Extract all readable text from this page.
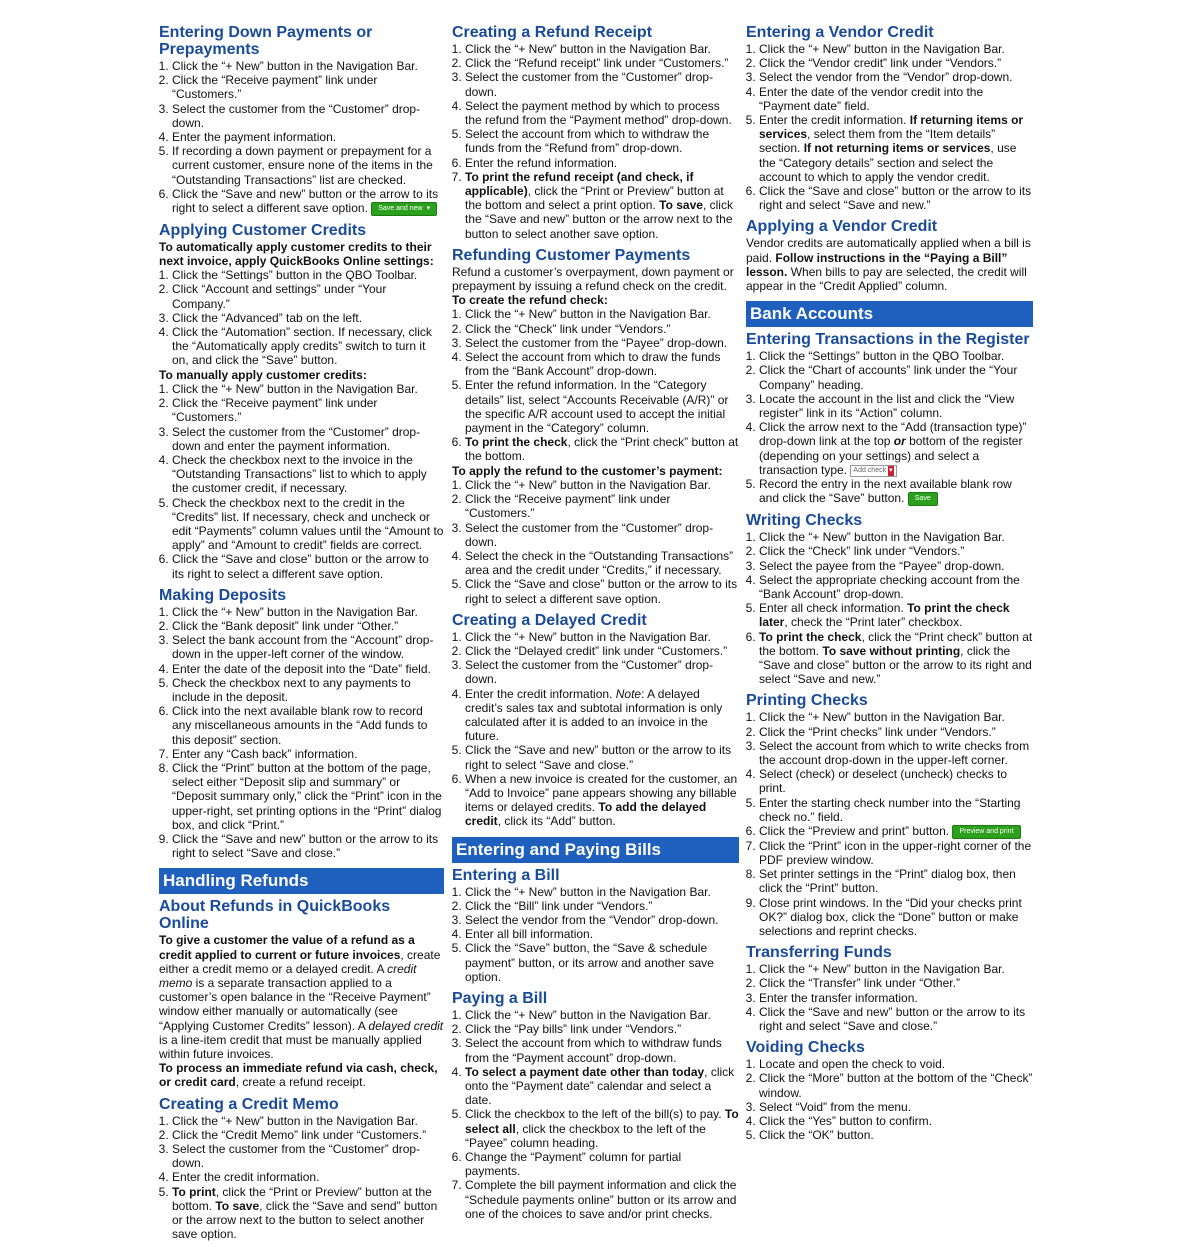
Entering Down Payments or Prepayments
1. Click the “+ New” button in the Navigation Bar.
2. Click the “Receive payment” link under “Customers.”
3. Select the customer from the “Customer” drop-down.
4. Enter the payment information.
5. If recording a down payment or prepayment for a current customer, ensure none of the items in the “Outstanding Transactions” list are checked.
6. Click the “Save and new” button or the arrow to its right to select a different save option. Save and new ▾
Applying Customer Credits

To automatically apply customer credits to their next invoice, apply QuickBooks Online settings:

1. Click the “Settings” button in the QBO Toolbar.
2. Click “Account and settings” under “Your Company.”
3. Click the “Advanced” tab on the left.
4. Click the “Automation” section. If necessary, click the “Automatically apply credits” switch to turn it on, and click the “Save” button.

To manually apply customer credits:

1. Click the “+ New” button in the Navigation Bar.
2. Click the “Receive payment” link under “Customers.”
3. Select the customer from the “Customer” drop-down and enter the payment information.
4. Check the checkbox next to the invoice in the “Outstanding Transactions” list to which to apply the customer credit, if necessary.
5. Check the checkbox next to the credit in the “Credits” list. If necessary, check and uncheck or edit “Payments” column values until the “Amount to apply” and “Amount to credit” fields are correct.
6. Click the “Save and close” button or the arrow to its right to select a different save option.
Making Deposits
1. Click the “+ New” button in the Navigation Bar.
2. Click the “Bank deposit” link under “Other.”
3. Select the bank account from the “Account” drop-down in the upper-left corner of the window.
4. Enter the date of the deposit into the “Date” field.
5. Check the checkbox next to any payments to include in the deposit.
6. Click into the next available blank row to record any miscellaneous amounts in the “Add funds to this deposit” section.
7. Enter any “Cash back” information.
8. Click the “Print” button at the bottom of the page, select either “Deposit slip and summary” or “Deposit summary only,” click the “Print” icon in the upper-right, set printing options in the “Print” dialog box, and click “Print.”
9. Click the “Save and new” button or the arrow to its right to select “Save and close.”
Handling Refunds
About Refunds in QuickBooks Online

To give a customer the value of a refund as a credit applied to current or future invoices, create either a credit memo or a delayed credit. A credit memo is a separate transaction applied to a customer’s open balance in the “Receive Payment” window either manually or automatically (see “Applying Customer Credits” lesson). A delayed credit is a line-item credit that must be manually applied within future invoices.

To process an immediate refund via cash, check, or credit card, create a refund receipt.

Creating a Credit Memo
1. Click the “+ New” button in the Navigation Bar.
2. Click the “Credit Memo” link under “Customers.”
3. Select the customer from the “Customer” drop-down.
4. Enter the credit information.
5. To print, click the “Print or Preview” button at the bottom. To save, click the “Save and send” button or the arrow next to the button to select another save option.
Creating a Refund Receipt
1. Click the “+ New” button in the Navigation Bar.
2. Click the “Refund receipt” link under “Customers.”
3. Select the customer from the “Customer” drop-down.
4. Select the payment method by which to process the refund from the “Payment method” drop-down.
5. Select the account from which to withdraw the funds from the “Refund from” drop-down.
6. Enter the refund information.
7. To print the refund receipt (and check, if applicable), click the “Print or Preview” button at the bottom and select a print option. To save, click the “Save and new” button or the arrow next to the button to select another save option.
Refunding Customer Payments

Refund a customer’s overpayment, down payment or prepayment by issuing a refund check on the credit.

To create the refund check:

1. Click the “+ New” button in the Navigation Bar.
2. Click the “Check” link under “Vendors.”
3. Select the customer from the “Payee” drop-down.
4. Select the account from which to draw the funds from the “Bank Account” drop-down.
5. Enter the refund information. In the “Category details” list, select “Accounts Receivable (A/R)” or the specific A/R account used to accept the initial payment in the “Category” column.
6. To print the check, click the “Print check” button at the bottom.

To apply the refund to the customer’s payment:

1. Click the “+ New” button in the Navigation Bar.
2. Click the “Receive payment” link under “Customers.”
3. Select the customer from the “Customer” drop-down.
4. Select the check in the “Outstanding Transactions” area and the credit under “Credits,” if necessary.
5. Click the “Save and close” button or the arrow to its right to select a different save option.
Creating a Delayed Credit
1. Click the “+ New” button in the Navigation Bar.
2. Click the “Delayed credit” link under “Customers.”
3. Select the customer from the “Customer” drop-down.
4. Enter the credit information. Note: A delayed credit’s sales tax and subtotal information is only calculated after it is added to an invoice in the future.
5. Click the “Save and new” button or the arrow to its right to select “Save and close.”
6. When a new invoice is created for the customer, an “Add to Invoice” pane appears showing any billable items or delayed credits. To add the delayed credit, click its “Add” button.
Entering and Paying Bills
Entering a Bill
1. Click the “+ New” button in the Navigation Bar.
2. Click the “Bill” link under “Vendors.”
3. Select the vendor from the “Vendor” drop-down.
4. Enter all bill information.
5. Click the “Save” button, the “Save & schedule payment” button, or its arrow and another save option.
Paying a Bill
1. Click the “+ New” button in the Navigation Bar.
2. Click the “Pay bills” link under “Vendors.”
3. Select the account from which to withdraw funds from the “Payment account” drop-down.
4. To select a payment date other than today, click onto the “Payment date” calendar and select a date.
5. Click the checkbox to the left of the bill(s) to pay. To select all, click the checkbox to the left of the “Payee” column heading.
6. Change the “Payment” column for partial payments.
7. Complete the bill payment information and click the “Schedule payments online” button or its arrow and one of the choices to save and/or print checks.
Entering a Vendor Credit
1. Click the “+ New” button in the Navigation Bar.
2. Click the “Vendor credit” link under “Vendors.”
3. Select the vendor from the “Vendor” drop-down.
4. Enter the date of the vendor credit into the “Payment date” field.
5. Enter the credit information. If returning items or services, select them from the “Item details” section. If not returning items or services, use the “Category details” section and select the account to which to apply the vendor credit.
6. Click the “Save and close” button or the arrow to its right and select “Save and new.”
Applying a Vendor Credit

Vendor credits are automatically applied when a bill is paid. Follow instructions in the “Paying a Bill” lesson. When bills to pay are selected, the credit will appear in the “Credit Applied” column.

Bank Accounts
Entering Transactions in the Register
1. Click the “Settings” button in the QBO Toolbar.
2. Click the “Chart of accounts” link under the “Your Company” heading.
3. Locate the account in the list and click the “View register” link in its “Action” column.
4. Click the arrow next to the “Add (transaction type)” drop-down link at the top or bottom of the register (depending on your settings) and select a transaction type. Add check ▾
5. Record the entry in the next available blank row and click the “Save” button. Save
Writing Checks
1. Click the “+ New” button in the Navigation Bar.
2. Click the “Check” link under “Vendors.”
3. Select the payee from the “Payee” drop-down.
4. Select the appropriate checking account from the “Bank Account” drop-down.
5. Enter all check information. To print the check later, check the “Print later” checkbox.
6. To print the check, click the “Print check” button at the bottom. To save without printing, click the “Save and close” button or the arrow to its right and select “Save and new.”
Printing Checks
1. Click the “+ New” button in the Navigation Bar.
2. Click the “Print checks” link under “Vendors.”
3. Select the account from which to write checks from the account drop-down in the upper-left corner.
4. Select (check) or deselect (uncheck) checks to print.
5. Enter the starting check number into the “Starting check no.” field.
6. Click the “Preview and print” button. Preview and print
7. Click the “Print” icon in the upper-right corner of the PDF preview window.
8. Set printer settings in the “Print” dialog box, then click the “Print” button.
9. Close print windows. In the “Did your checks print OK?” dialog box, click the “Done” button or make selections and reprint checks.
Transferring Funds
1. Click the “+ New” button in the Navigation Bar.
2. Click the “Transfer” link under “Other.”
3. Enter the transfer information.
4. Click the “Save and new” button or the arrow to its right and select “Save and close.”
Voiding Checks
1. Locate and open the check to void.
2. Click the “More” button at the bottom of the “Check” window.
3. Select “Void” from the menu.
4. Click the “Yes” button to confirm.
5. Click the “OK” button.
